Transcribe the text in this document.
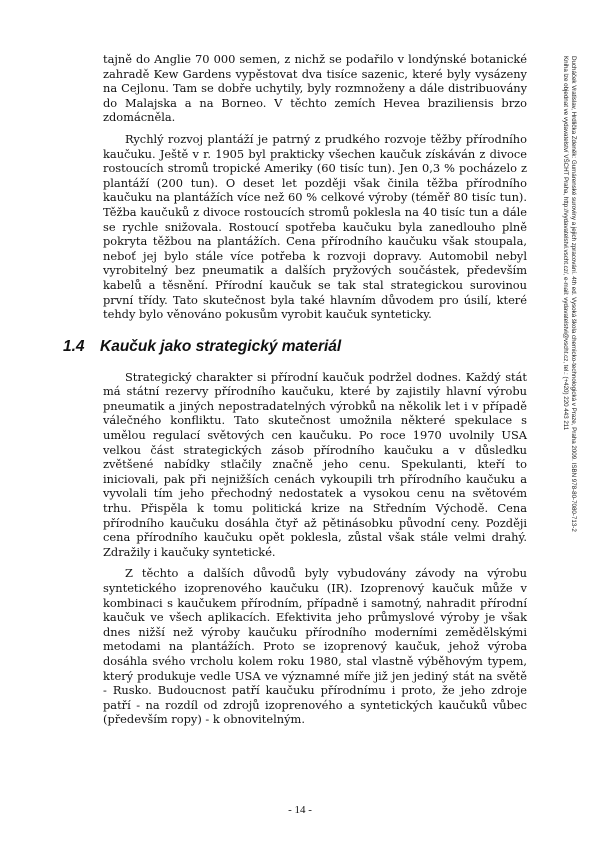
tajně do Anglie 70 000 semen, z nichž se podařilo v londýnské botanické zahradě Kew Gardens vypěstovat dva tisíce sazenic, které byly vysázeny na Cejlonu. Tam se dobře uchytily, byly rozmnoženy a dále distribuovány do Malajska a na Borneo. V těchto zemích Hevea braziliensis brzo zdomácněla.

Rychlý rozvoj plantáží je patrný z prudkého rozvoje těžby přírodního kaučuku. Ještě v r. 1905 byl prakticky všechen kaučuk získáván z divoce rostoucích stromů tropické Ameriky (60 tisíc tun). Jen 0,3 % pocházelo z plantáží (200 tun). O deset let později však činila těžba přírodního kaučuku na plantážích více než 60 % celkové výroby (téměř 80 tisíc tun). Těžba kaučuků z divoce rostoucích stromů poklesla na 40 tisíc tun a dále se rychle snižovala. Rostoucí spotřeba kaučuku byla zanedlouho plně pokryta těžbou na plantážích. Cena přírodního kaučuku však stoupala, neboť jej bylo stále více potřeba k rozvoji dopravy. Automobil nebyl vyrobitelný bez pneumatik a dalších pryžových součástek, především kabelů a těsnění. Přírodní kaučuk se tak stal strategickou surovinou první třídy. Tato skutečnost byla také hlavním důvodem pro úsilí, které tehdy bylo věnováno pokusům vyrobit kaučuk synteticky.

1.4 Kaučuk jako strategický materiál

Strategický charakter si přírodní kaučuk podržel dodnes. Každý stát má státní rezervy přírodního kaučuku, které by zajistily hlavní výrobu pneumatik a jiných nepostradatelných výrobků na několik let i v případě válečného konfliktu. Tato skutečnost umožnila některé spekulace s umělou regulací světových cen kaučuku. Po roce 1970 uvolnily USA velkou část strategických zásob přírodního kaučuku a v důsledku zvětšené nabídky stlačily značně jeho cenu. Spekulanti, kteří to iniciovali, pak při nejnižších cenách vykoupili trh přírodního kaučuku a vyvolali tím jeho přechodný nedostatek a vysokou cenu na světovém trhu. Přispěla k tomu politická krize na Středním Východě. Cena přírodního kaučuku dosáhla čtyř až pětinásobku původní ceny. Později cena přírodního kaučuku opět poklesla, zůstal však stále velmi drahý. Zdražily i kaučuky syntetické.

Z těchto a dalších důvodů byly vybudovány závody na výrobu syntetického izoprenového kaučuku (IR). Izoprenový kaučuk může v kombinaci s kaučukem přírodním, případně i samotný, nahradit přírodní kaučuk ve všech aplikacích. Efektivita jeho průmyslové výroby je však dnes nižší než výroby kaučuku přírodního moderními zemědělskými metodami na plantážích. Proto se izoprenový kaučuk, jehož výroba dosáhla svého vrcholu kolem roku 1980, stal vlastně výběhovým typem, který produkuje vedle USA ve významné míře již jen jediný stát na světě - Rusko. Budoucnost patří kaučuku přírodnímu i proto, že jeho zdroje patří - na rozdíl od zdrojů izoprenového a syntetických kaučuků vůbec (především ropy) - k obnovitelným.

Ducháček Vratislav, Hrdlička Zdeněk: Gumárenské suroviny a jejich zpracování. 4th ed. Vysoká škola chemicko-technologická v Praze, Praha 2009. ISBN 978-80-7080-713-2
Kniha lze objednat ve vydavatelství VŠCHT Praha, http://vydavatelstvi.vscht.cz/, e-mail: vydavatelstvi@vscht.cz, tel.: (+420) 220 443 211
- 14 -
